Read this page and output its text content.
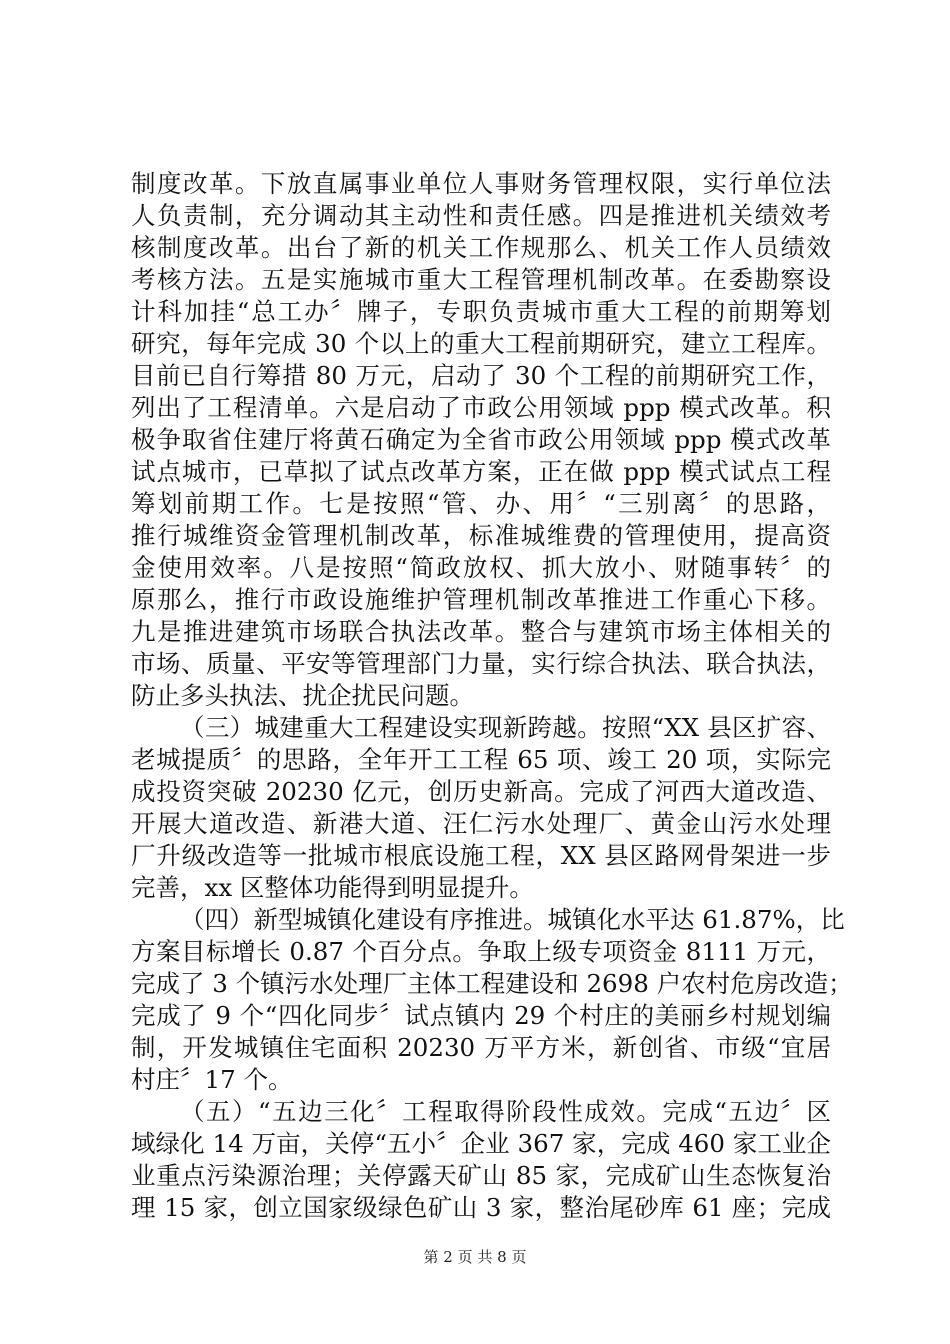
制度改革。下放直属事业单位人事财务管理权限，实行单位法
人负责制，充分调动其主动性和责任感。四是推进机关绩效考
核制度改革。出台了新的机关工作规那么、机关工作人员绩效
考核方法。五是实施城市重大工程管理机制改革。在委勘察设
计科加挂“总工办〞牌子，专职负责城市重大工程的前期筹划
研究，每年完成 30 个以上的重大工程前期研究，建立工程库。
目前已自行筹措 80 万元，启动了 30 个工程的前期研究工作，
列出了工程清单。六是启动了市政公用领域 ppp 模式改革。积
极争取省住建厅将黄石确定为全省市政公用领域 ppp 模式改革
试点城市，已草拟了试点改革方案，正在做 ppp 模式试点工程
筹划前期工作。七是按照“管、办、用〞“三别离〞的思路，
推行城维资金管理机制改革，标准城维费的管理使用，提高资
金使用效率。八是按照“简政放权、抓大放小、财随事转〞的
原那么，推行市政设施维护管理机制改革推进工作重心下移。
九是推进建筑市场联合执法改革。整合与建筑市场主体相关的
市场、质量、平安等管理部门力量，实行综合执法、联合执法，
防止多头执法、扰企扰民问题。
（三）城建重大工程建设实现新跨越。按照“XX 县区扩容、
老城提质〞的思路，全年开工工程 65 项、竣工 20 项，实际完
成投资突破 20230 亿元，创历史新高。完成了河西大道改造、
开展大道改造、新港大道、汪仁污水处理厂、黄金山污水处理
厂升级改造等一批城市根底设施工程，XX 县区路网骨架进一步
完善，xx 区整体功能得到明显提升。
（四）新型城镇化建设有序推进。城镇化水平达 61.87%，比
方案目标增长 0.87 个百分点。争取上级专项资金 8111 万元，
完成了 3 个镇污水处理厂主体工程建设和 2698 户农村危房改造；
完成了 9 个“四化同步〞试点镇内 29 个村庄的美丽乡村规划编
制，开发城镇住宅面积 20230 万平方米，新创省、市级“宜居
村庄〞17 个。
（五）“五边三化〞工程取得阶段性成效。完成“五边〞区
域绿化 14 万亩，关停“五小〞企业 367 家，完成 460 家工业企
业重点污染源治理；关停露天矿山 85 家，完成矿山生态恢复治
理 15 家，创立国家级绿色矿山 3 家，整治尾砂库 61 座；完成
第 2 页 共 8 页
